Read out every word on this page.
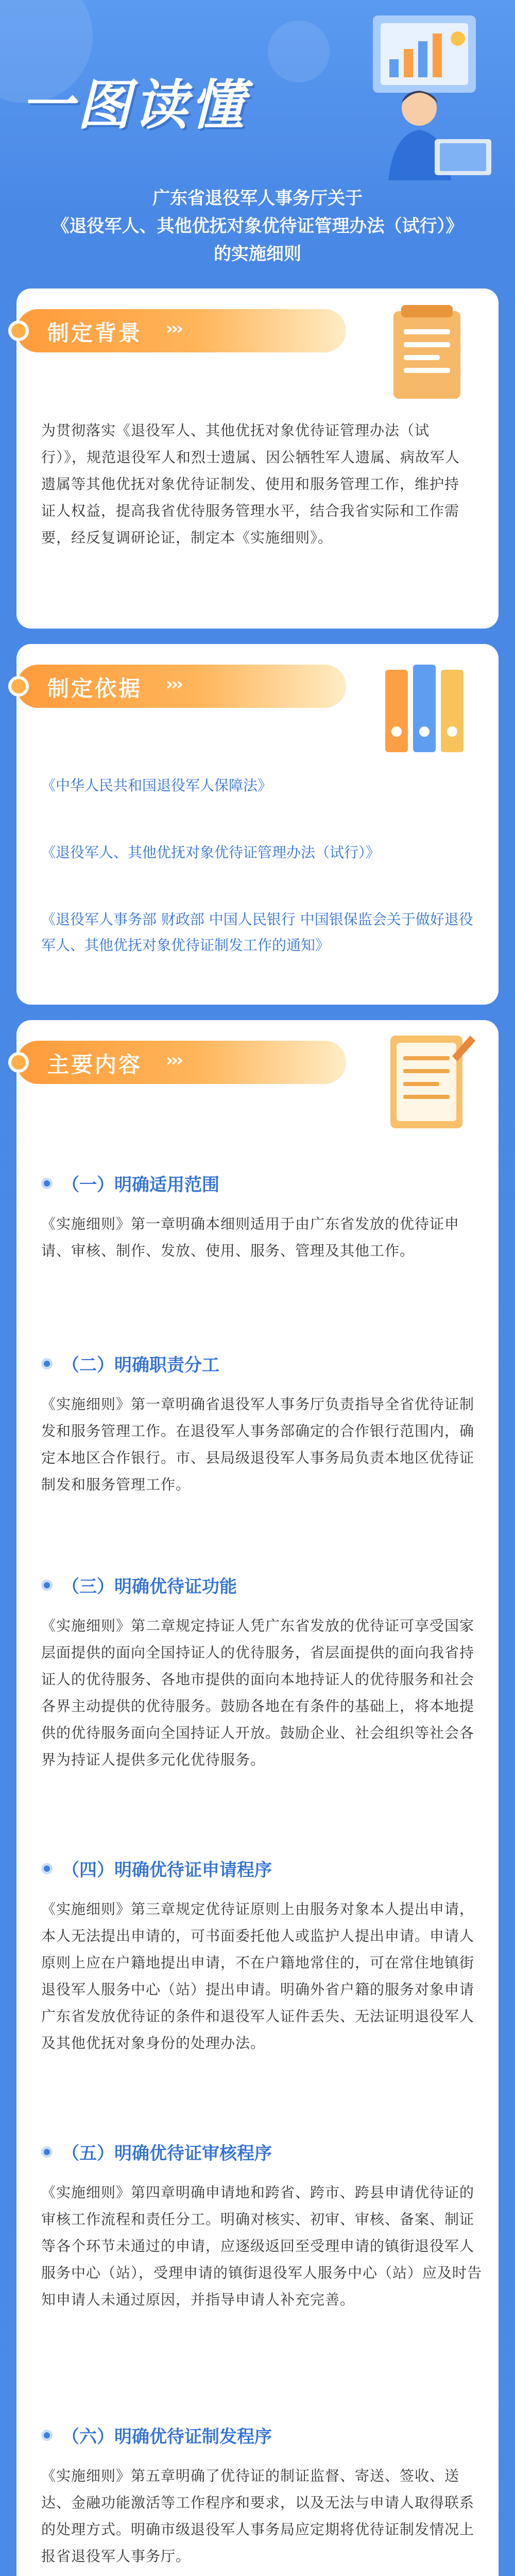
一图读懂
广东省退役军人事务厅关于
《退役军人、其他优抚对象优待证管理办法（试行）》
的实施细则
制定背景 ›››
为贯彻落实《退役军人、其他优抚对象优待证管理办法（试行）》，规范退役军人和烈士遗属、因公牺牲军人遗属、病故军人遗属等其他优抚对象优待证制发、使用和服务管理工作，维护持证人权益，提高我省优待服务管理水平，结合我省实际和工作需要，经反复调研论证，制定本《实施细则》。
制定依据 ›››
《中华人民共和国退役军人保障法》
《退役军人、其他优抚对象优待证管理办法（试行）》
《退役军人事务部 财政部 中国人民银行 中国银保监会关于做好退役军人、其他优抚对象优待证制发工作的通知》
主要内容 ›››
（一）明确适用范围
《实施细则》第一章明确本细则适用于由广东省发放的优待证申请、审核、制作、发放、使用、服务、管理及其他工作。
（二）明确职责分工
《实施细则》第一章明确省退役军人事务厅负责指导全省优待证制发和服务管理工作。在退役军人事务部确定的合作银行范围内，确定本地区合作银行。市、县局级退役军人事务局负责本地区优待证制发和服务管理工作。
（三）明确优待证功能
《实施细则》第二章规定持证人凭广东省发放的优待证可享受国家层面提供的面向全国持证人的优待服务，省层面提供的面向我省持证人的优待服务、各地市提供的面向本地持证人的优待服务和社会各界主动提供的优待服务。鼓励各地在有条件的基础上，将本地提供的优待服务面向全国持证人开放。鼓励企业、社会组织等社会各界为持证人提供多元化优待服务。
（四）明确优待证申请程序
《实施细则》第三章规定优待证原则上由服务对象本人提出申请，本人无法提出申请的，可书面委托他人或监护人提出申请。申请人原则上应在户籍地提出申请，不在户籍地常住的，可在常住地镇街退役军人服务中心（站）提出申请。明确外省户籍的服务对象申请广东省发放优待证的条件和退役军人证件丢失、无法证明退役军人及其他优抚对象身份的处理办法。
（五）明确优待证审核程序
《实施细则》第四章明确申请地和跨省、跨市、跨县申请优待证的审核工作流程和责任分工。明确对核实、初审、审核、备案、制证等各个环节未通过的申请，应逐级返回至受理申请的镇街退役军人服务中心（站），受理申请的镇街退役军人服务中心（站）应及时告知申请人未通过原因，并指导申请人补充完善。
（六）明确优待证制发程序
《实施细则》第五章明确了优待证的制证监督、寄送、签收、送达、金融功能激活等工作程序和要求，以及无法与申请人取得联系的处理方式。明确市级退役军人事务局应定期将优待证制发情况上报省退役军人事务厅。
